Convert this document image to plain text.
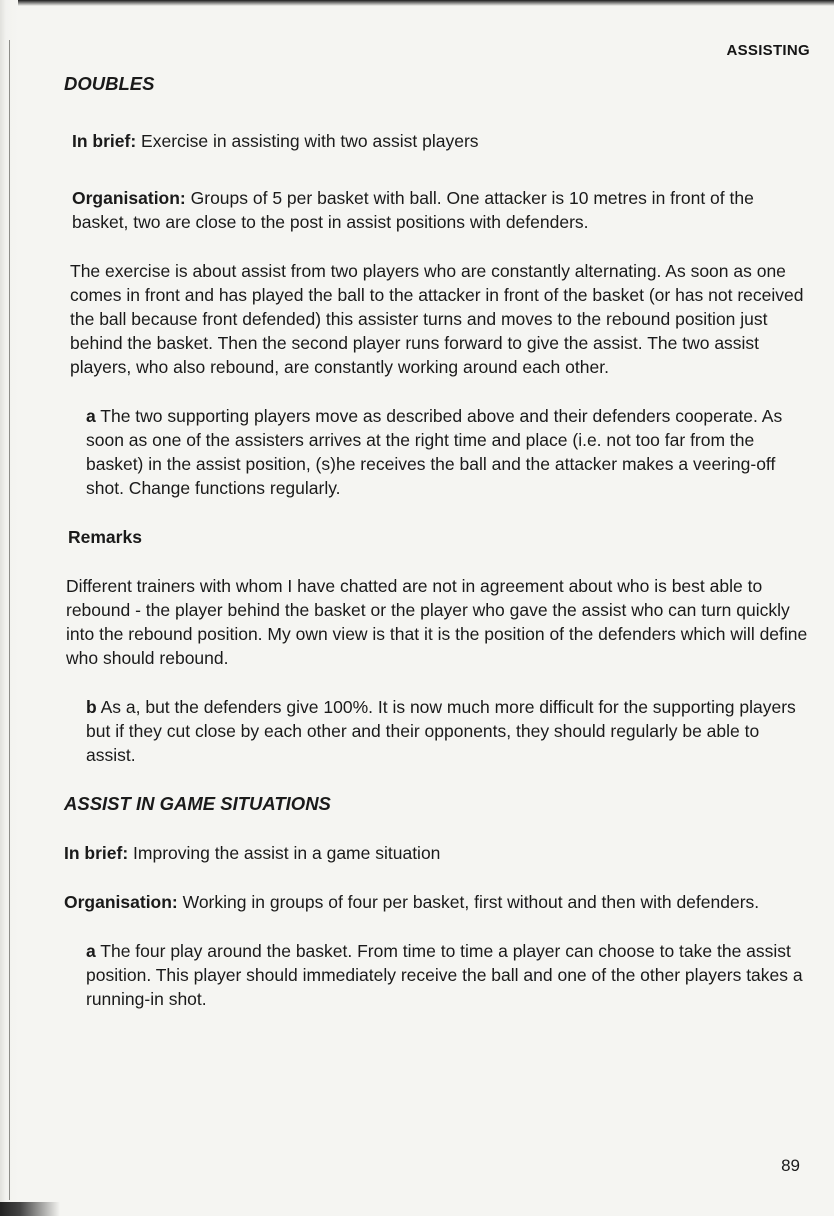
ASSISTING
DOUBLES

In brief: Exercise in assisting with two assist players

Organisation: Groups of 5 per basket with ball. One attacker is 10 metres in front of the basket, two are close to the post in assist positions with defenders.

The exercise is about assist from two players who are constantly alternating. As soon as one comes in front and has played the ball to the attacker in front of the basket (or has not received the ball because front defended) this assister turns and moves to the rebound position just behind the basket. Then the second player runs forward to give the assist. The two assist players, who also rebound, are constantly working around each other.

a The two supporting players move as described above and their defenders cooperate. As soon as one of the assisters arrives at the right time and place (i.e. not too far from the basket) in the assist position, (s)he receives the ball and the attacker makes a veering-off shot. Change functions regularly.

Remarks

Different trainers with whom I have chatted are not in agreement about who is best able to rebound - the player behind the basket or the player who gave the assist who can turn quickly into the rebound position. My own view is that it is the position of the defenders which will define who should rebound.

b As a, but the defenders give 100%. It is now much more difficult for the supporting players but if they cut close by each other and their opponents, they should regularly be able to assist.

ASSIST IN GAME SITUATIONS

In brief: Improving the assist in a game situation

Organisation: Working in groups of four per basket, first without and then with defenders.

a The four play around the basket. From time to time a player can choose to take the assist position. This player should immediately receive the ball and one of the other players takes a running-in shot.

89
